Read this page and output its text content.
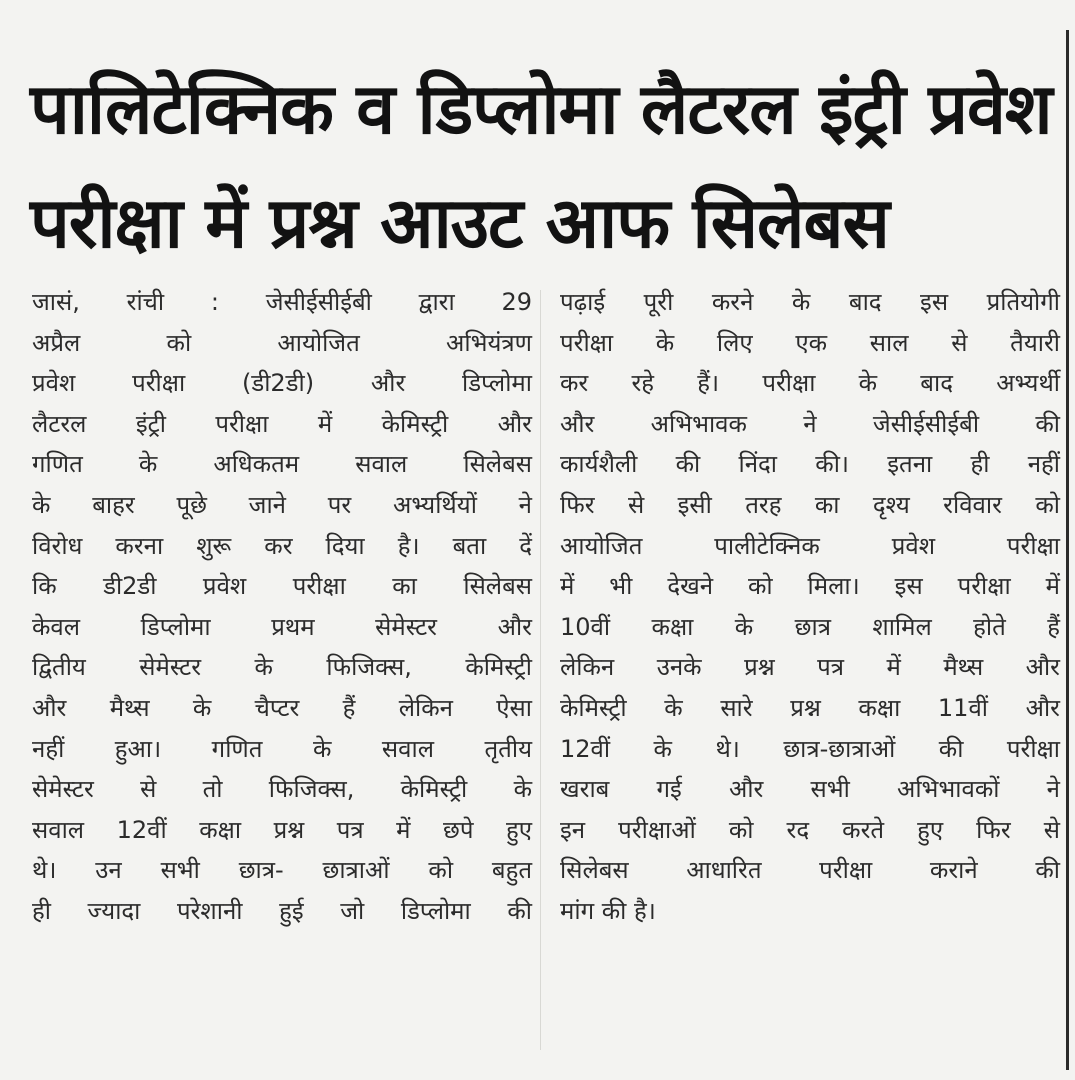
पालिटेक्निक व डिप्लोमा लैटरल इंट्री प्रवेश
परीक्षा में प्रश्न आउट आफ सिलेबस
जासं, रांची : जेसीईसीईबी द्वारा 29
अप्रैल को आयोजित अभियंत्रण
प्रवेश परीक्षा (डी2डी) और डिप्लोमा
लैटरल इंट्री परीक्षा में केमिस्ट्री और
गणित के अधिकतम सवाल सिलेबस
के बाहर पूछे जाने पर अभ्यर्थियों ने
विरोध करना शुरू कर दिया है। बता दें
कि डी2डी प्रवेश परीक्षा का सिलेबस
केवल डिप्लोमा प्रथम सेमेस्टर और
द्वितीय सेमेस्टर के फिजिक्स, केमिस्ट्री
और मैथ्स के चैप्टर हैं लेकिन ऐसा
नहीं हुआ। गणित के सवाल तृतीय
सेमेस्टर से तो फिजिक्स, केमिस्ट्री के
सवाल 12वीं कक्षा प्रश्न पत्र में छपे हुए
थे। उन सभी छात्र- छात्राओं को बहुत
ही ज्यादा परेशानी हुई जो डिप्लोमा की
पढ़ाई पूरी करने के बाद इस प्रतियोगी
परीक्षा के लिए एक साल से तैयारी
कर रहे हैं। परीक्षा के बाद अभ्यर्थी
और अभिभावक ने जेसीईसीईबी की
कार्यशैली की निंदा की। इतना ही नहीं
फिर से इसी तरह का दृश्य रविवार को
आयोजित पालीटेक्निक प्रवेश परीक्षा
में भी देखने को मिला। इस परीक्षा में
10वीं कक्षा के छात्र शामिल होते हैं
लेकिन उनके प्रश्न पत्र में मैथ्स और
केमिस्ट्री के सारे प्रश्न कक्षा 11वीं और
12वीं के थे। छात्र-छात्राओं की परीक्षा
खराब गई और सभी अभिभावकों ने
इन परीक्षाओं को रद करते हुए फिर से
सिलेबस आधारित परीक्षा कराने की
मांग की है।
